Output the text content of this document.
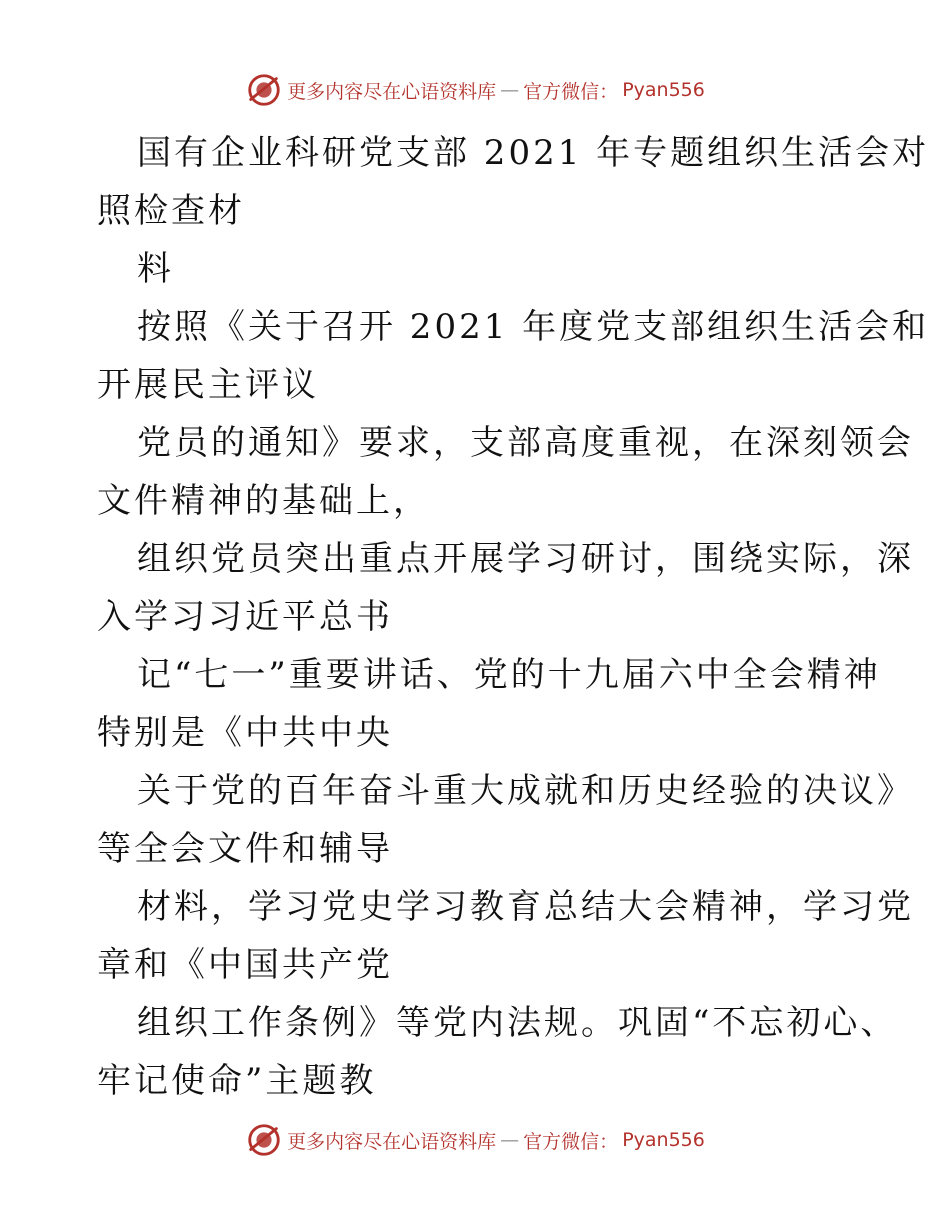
更多内容尽在心语资料库 — 官方微信： Pyan556
国有企业科研党支部 2021 年专题组织生活会对
照检查材
料
按照《关于召开 2021 年度党支部组织生活会和
开展民主评议
党员的通知》要求，支部高度重视，在深刻领会
文件精神的基础上，
组织党员突出重点开展学习研讨，围绕实际，深
入学习习近平总书
记“七一”重要讲话、党的十九届六中全会精神
特别是《中共中央
关于党的百年奋斗重大成就和历史经验的决议》
等全会文件和辅导
材料，学习党史学习教育总结大会精神，学习党
章和《中国共产党
组织工作条例》等党内法规。巩固“不忘初心、
牢记使命”主题教
更多内容尽在心语资料库 — 官方微信： Pyan556
